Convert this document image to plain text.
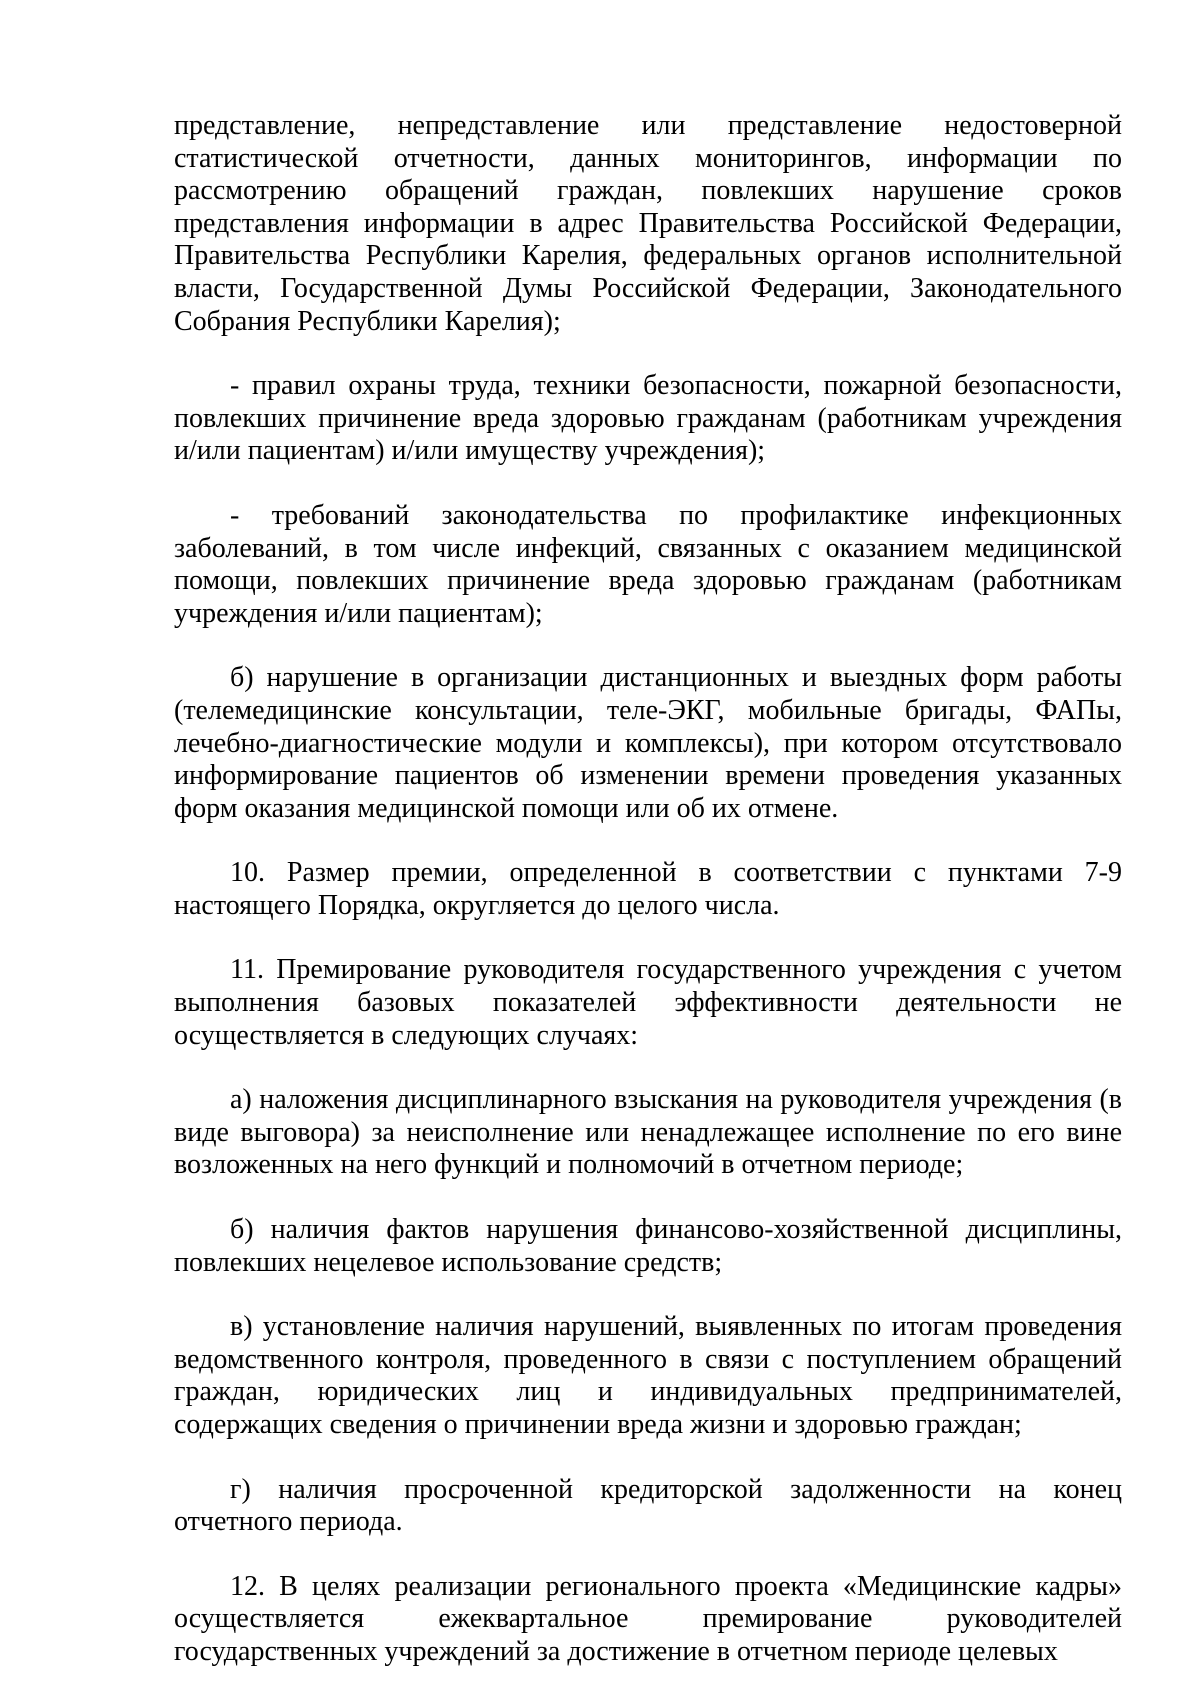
представление, непредставление или представление недостоверной статистической отчетности, данных мониторингов, информации по рассмотрению обращений граждан, повлекших нарушение сроков представления информации в адрес Правительства Российской Федерации, Правительства Республики Карелия, федеральных органов исполнительной власти, Государственной Думы Российской Федерации, Законодательного Собрания Республики Карелия);

- правил охраны труда, техники безопасности, пожарной безопасности, повлекших причинение вреда здоровью гражданам (работникам учреждения и/или пациентам) и/или имуществу учреждения);

- требований законодательства по профилактике инфекционных заболеваний, в том числе инфекций, связанных с оказанием медицинской помощи, повлекших причинение вреда здоровью гражданам (работникам учреждения и/или пациентам);

б) нарушение в организации дистанционных и выездных форм работы (телемедицинские консультации, теле-ЭКГ, мобильные бригады, ФАПы, лечебно-диагностические модули и комплексы), при котором отсутствовало информирование пациентов об изменении времени проведения указанных форм оказания медицинской помощи или об их отмене.

10. Размер премии, определенной в соответствии с пунктами 7-9 настоящего Порядка, округляется до целого числа.

11. Премирование руководителя государственного учреждения с учетом выполнения базовых показателей эффективности деятельности не осуществляется в следующих случаях:

а) наложения дисциплинарного взыскания на руководителя учреждения (в виде выговора) за неисполнение или ненадлежащее исполнение по его вине возложенных на него функций и полномочий в отчетном периоде;

б) наличия фактов нарушения финансово-хозяйственной дисциплины, повлекших нецелевое использование средств;

в) установление наличия нарушений, выявленных по итогам проведения ведомственного контроля, проведенного в связи с поступлением обращений граждан, юридических лиц и индивидуальных предпринимателей, содержащих сведения о причинении вреда жизни и здоровью граждан;

г) наличия просроченной кредиторской задолженности на конец отчетного периода.

12. В целях реализации регионального проекта «Медицинские кадры» осуществляется ежеквартальное премирование руководителей государственных учреждений за достижение в отчетном периоде целевых
